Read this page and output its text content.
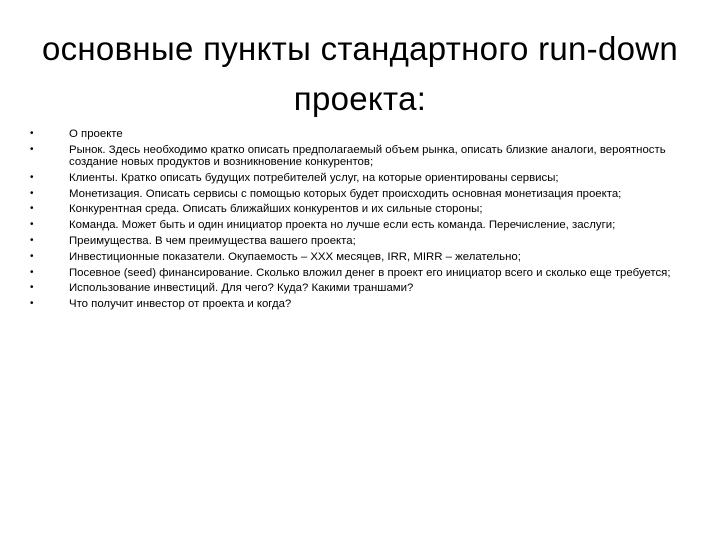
основные пункты стандартного run-down проекта:
•	О проекте
•	Рынок. Здесь необходимо кратко описать предполагаемый объем рынка, описать близкие аналоги, вероятность создание новых продуктов и возникновение конкурентов;
•	Клиенты. Кратко описать будущих потребителей услуг, на которые ориентированы сервисы;
•	Монетизация. Описать сервисы с помощью которых будет происходить основная монетизация проекта;
•	Конкурентная среда. Описать ближайших конкурентов и их сильные стороны;
•	Команда. Может быть и один инициатор проекта но лучше если есть команда. Перечисление, заслуги;
•	Преимущества. В чем преимущества вашего проекта;
•	Инвестиционные показатели. Окупаемость – ХХХ месяцев, IRR, MIRR – желательно;
•	Посевное (seed) финансирование. Сколько вложил денег в проект его инициатор всего и сколько еще требуется;
•	Использование инвестиций. Для чего? Куда? Какими траншами?
•	Что получит инвестор от проекта и когда?
